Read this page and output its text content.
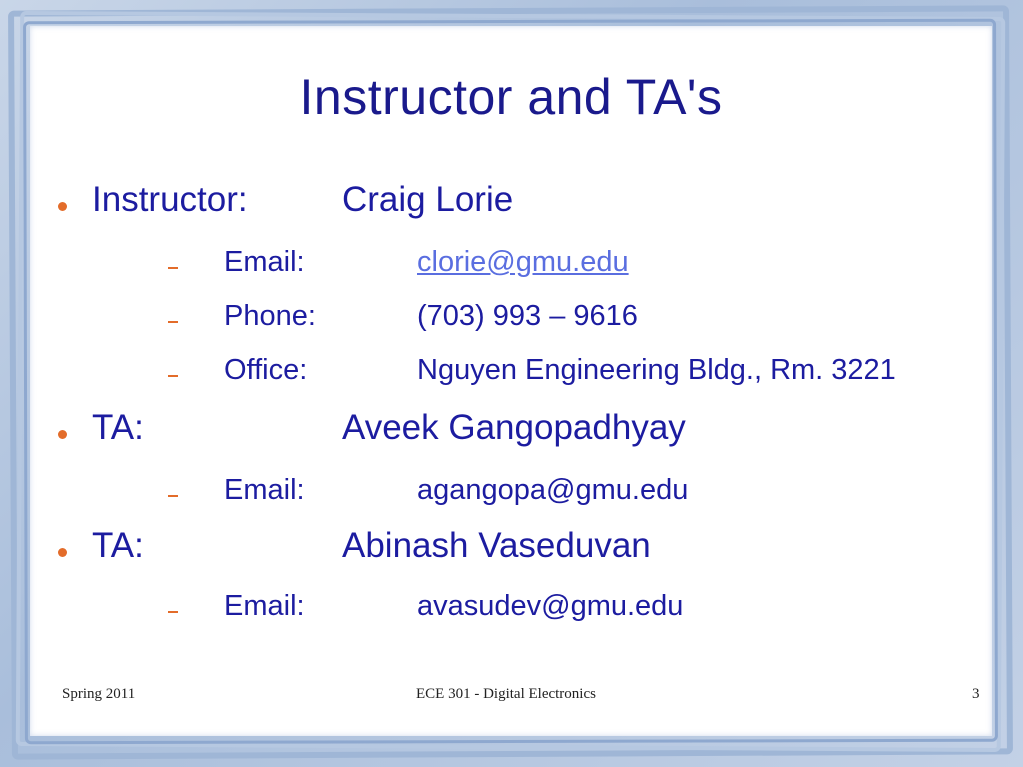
Instructor and TA's
Instructor:	Craig Lorie
Email:	clorie@gmu.edu
Phone:	(703) 993 – 9616
Office:	Nguyen Engineering Bldg., Rm. 3221
TA:	Aveek Gangopadhyay
Email:	agangopa@gmu.edu
TA:	Abinash Vaseduvan
Email:	avasudev@gmu.edu
Spring 2011	ECE 301 - Digital Electronics	3
